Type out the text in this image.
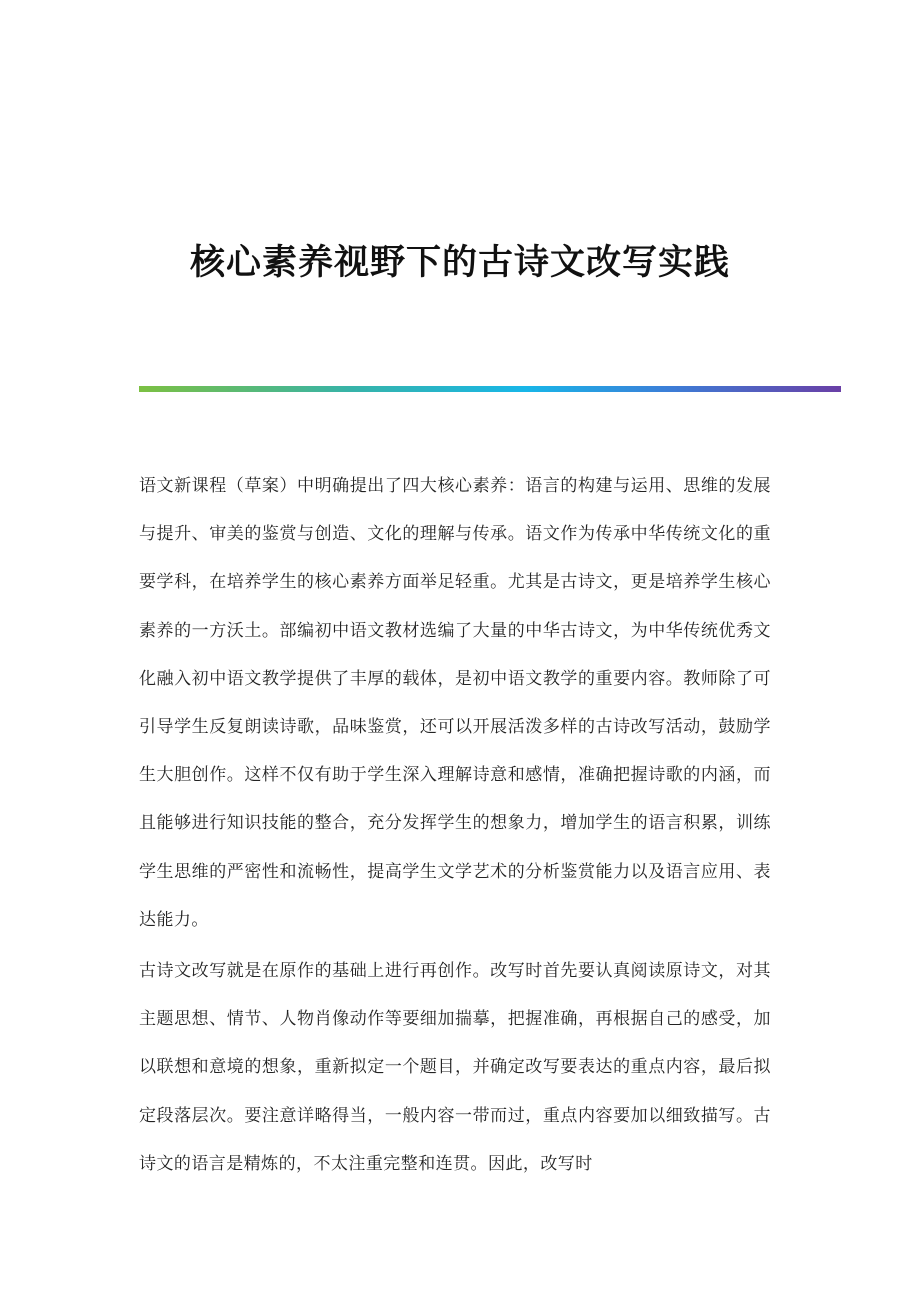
核心素养视野下的古诗文改写实践

语文新课程（草案）中明确提出了四大核心素养：语言的构建与运用、思维的发展与提升、审美的鉴赏与创造、文化的理解与传承。语文作为传承中华传统文化的重要学科，在培养学生的核心素养方面举足轻重。尤其是古诗文，更是培养学生核心素养的一方沃土。部编初中语文教材选编了大量的中华古诗文，为中华传统优秀文化融入初中语文教学提供了丰厚的载体，是初中语文教学的重要内容。教师除了可引导学生反复朗读诗歌，品味鉴赏，还可以开展活泼多样的古诗改写活动，鼓励学生大胆创作。这样不仅有助于学生深入理解诗意和感情，准确把握诗歌的内涵，而且能够进行知识技能的整合，充分发挥学生的想象力，增加学生的语言积累，训练学生思维的严密性和流畅性，提高学生文学艺术的分析鉴赏能力以及语言应用、表达能力。

古诗文改写就是在原作的基础上进行再创作。改写时首先要认真阅读原诗文，对其主题思想、情节、人物肖像动作等要细加揣摹，把握准确，再根据自己的感受，加以联想和意境的想象，重新拟定一个题目，并确定改写要表达的重点内容，最后拟定段落层次。要注意详略得当，一般内容一带而过，重点内容要加以细致描写。古诗文的语言是精炼的，不太注重完整和连贯。因此，改写时
